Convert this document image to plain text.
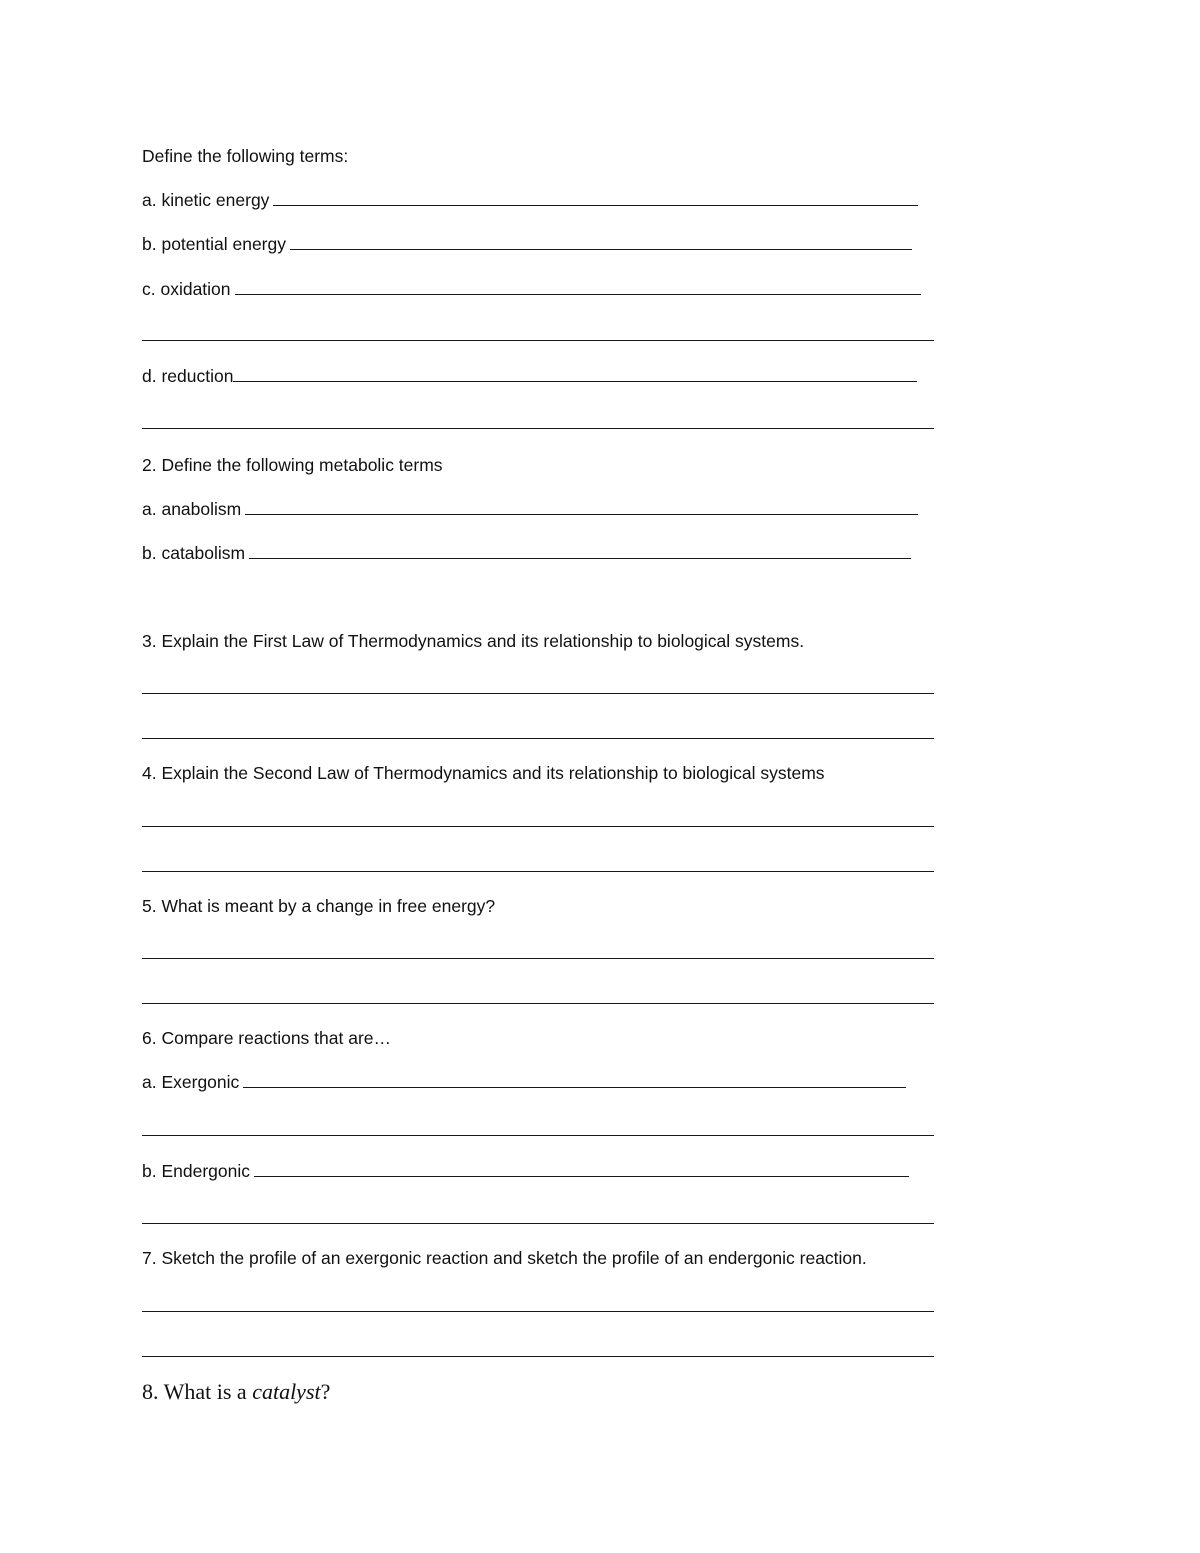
Define the following terms:
a. kinetic energy
b. potential energy
c. oxidation
d. reduction
2. Define the following metabolic terms
a. anabolism
b. catabolism
3. Explain the First Law of Thermodynamics and its relationship to biological systems.
4. Explain the Second Law of Thermodynamics and its relationship to biological systems
5. What is meant by a change in free energy?
6. Compare reactions that are…
a. Exergonic
b. Endergonic
7. Sketch the profile of an exergonic reaction and sketch the profile of an endergonic reaction.
8. What is a catalyst?
